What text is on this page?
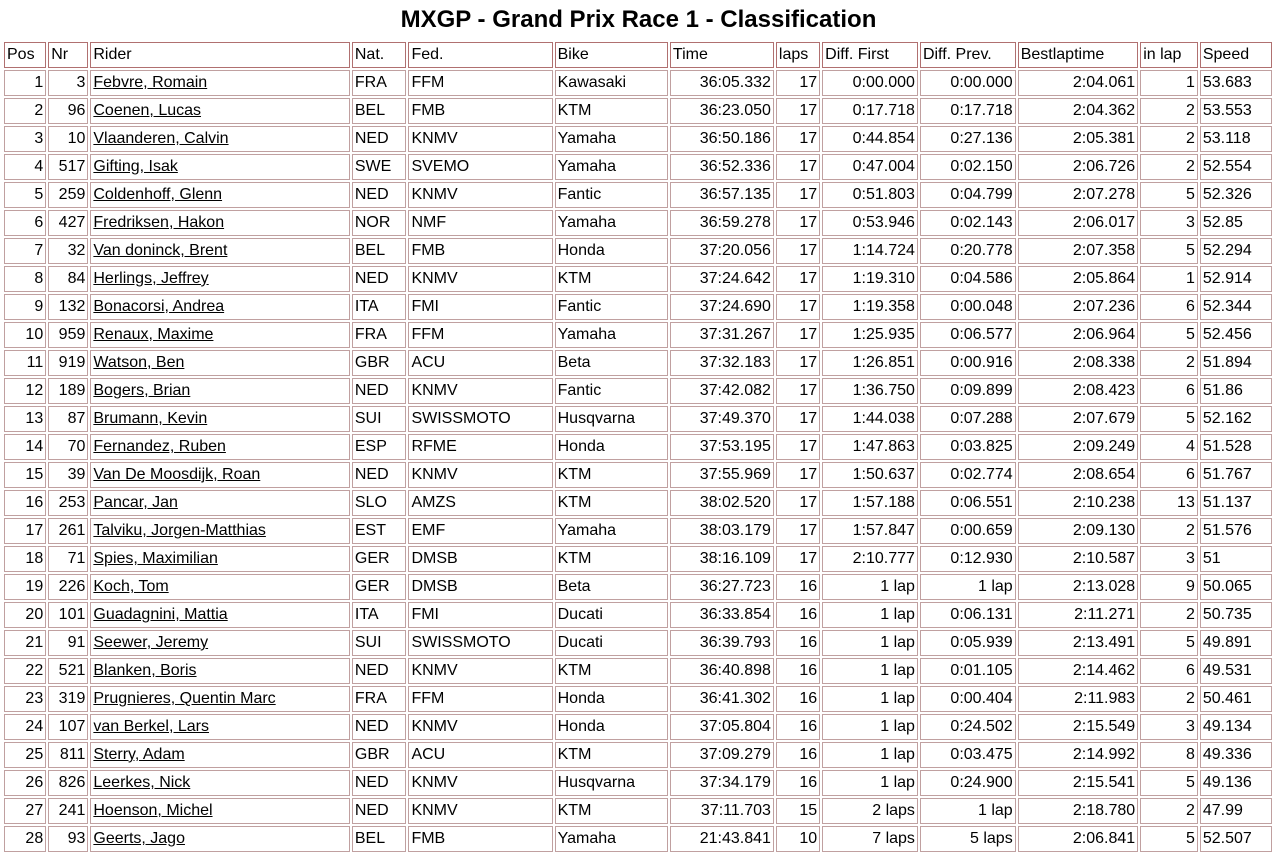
MXGP - Grand Prix Race 1 - Classification
Pos	Nr	Rider	Nat.	Fed.	Bike	Time	laps	Diff. First	Diff. Prev.	Bestlaptime	in lap	Speed
1	3	Febvre, Romain	FRA	FFM	Kawasaki	36:05.332	17	0:00.000	0:00.000	2:04.061	1	53.683
2	96	Coenen, Lucas	BEL	FMB	KTM	36:23.050	17	0:17.718	0:17.718	2:04.362	2	53.553
3	10	Vlaanderen, Calvin	NED	KNMV	Yamaha	36:50.186	17	0:44.854	0:27.136	2:05.381	2	53.118
4	517	Gifting, Isak	SWE	SVEMO	Yamaha	36:52.336	17	0:47.004	0:02.150	2:06.726	2	52.554
5	259	Coldenhoff, Glenn	NED	KNMV	Fantic	36:57.135	17	0:51.803	0:04.799	2:07.278	5	52.326
6	427	Fredriksen, Hakon	NOR	NMF	Yamaha	36:59.278	17	0:53.946	0:02.143	2:06.017	3	52.85
7	32	Van doninck, Brent	BEL	FMB	Honda	37:20.056	17	1:14.724	0:20.778	2:07.358	5	52.294
8	84	Herlings, Jeffrey	NED	KNMV	KTM	37:24.642	17	1:19.310	0:04.586	2:05.864	1	52.914
9	132	Bonacorsi, Andrea	ITA	FMI	Fantic	37:24.690	17	1:19.358	0:00.048	2:07.236	6	52.344
10	959	Renaux, Maxime	FRA	FFM	Yamaha	37:31.267	17	1:25.935	0:06.577	2:06.964	5	52.456
11	919	Watson, Ben	GBR	ACU	Beta	37:32.183	17	1:26.851	0:00.916	2:08.338	2	51.894
12	189	Bogers, Brian	NED	KNMV	Fantic	37:42.082	17	1:36.750	0:09.899	2:08.423	6	51.86
13	87	Brumann, Kevin	SUI	SWISSMOTO	Husqvarna	37:49.370	17	1:44.038	0:07.288	2:07.679	5	52.162
14	70	Fernandez, Ruben	ESP	RFME	Honda	37:53.195	17	1:47.863	0:03.825	2:09.249	4	51.528
15	39	Van De Moosdijk, Roan	NED	KNMV	KTM	37:55.969	17	1:50.637	0:02.774	2:08.654	6	51.767
16	253	Pancar, Jan	SLO	AMZS	KTM	38:02.520	17	1:57.188	0:06.551	2:10.238	13	51.137
17	261	Talviku, Jorgen-Matthias	EST	EMF	Yamaha	38:03.179	17	1:57.847	0:00.659	2:09.130	2	51.576
18	71	Spies, Maximilian	GER	DMSB	KTM	38:16.109	17	2:10.777	0:12.930	2:10.587	3	51
19	226	Koch, Tom	GER	DMSB	Beta	36:27.723	16	1 lap	1 lap	2:13.028	9	50.065
20	101	Guadagnini, Mattia	ITA	FMI	Ducati	36:33.854	16	1 lap	0:06.131	2:11.271	2	50.735
21	91	Seewer, Jeremy	SUI	SWISSMOTO	Ducati	36:39.793	16	1 lap	0:05.939	2:13.491	5	49.891
22	521	Blanken, Boris	NED	KNMV	KTM	36:40.898	16	1 lap	0:01.105	2:14.462	6	49.531
23	319	Prugnieres, Quentin Marc	FRA	FFM	Honda	36:41.302	16	1 lap	0:00.404	2:11.983	2	50.461
24	107	van Berkel, Lars	NED	KNMV	Honda	37:05.804	16	1 lap	0:24.502	2:15.549	3	49.134
25	811	Sterry, Adam	GBR	ACU	KTM	37:09.279	16	1 lap	0:03.475	2:14.992	8	49.336
26	826	Leerkes, Nick	NED	KNMV	Husqvarna	37:34.179	16	1 lap	0:24.900	2:15.541	5	49.136
27	241	Hoenson, Michel	NED	KNMV	KTM	37:11.703	15	2 laps	1 lap	2:18.780	2	47.99
28	93	Geerts, Jago	BEL	FMB	Yamaha	21:43.841	10	7 laps	5 laps	2:06.841	5	52.507
